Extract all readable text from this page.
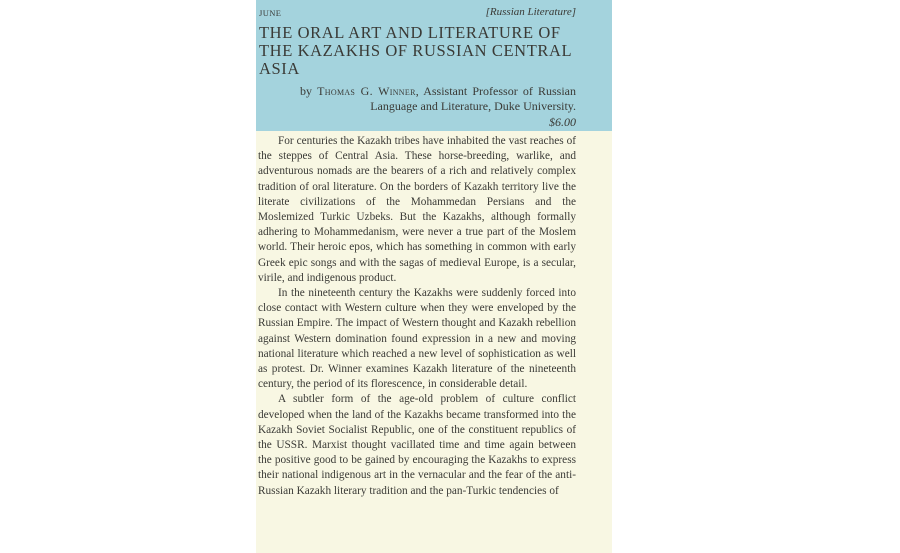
JUNE	[Russian Literature]
THE ORAL ART AND LITERATURE OF THE KAZAKHS OF RUSSIAN CENTRAL ASIA
by Thomas G. Winner, Assistant Professor of Russian Language and Literature, Duke University.
$6.00

For centuries the Kazakh tribes have inhabited the vast reaches of the steppes of Central Asia. These horse-breeding, warlike, and adventurous nomads are the bearers of a rich and relatively complex tradition of oral literature. On the borders of Kazakh territory live the literate civilizations of the Mohammedan Persians and the Moslemized Turkic Uzbeks. But the Kazakhs, although formally adhering to Mohammedanism, were never a true part of the Moslem world. Their heroic epos, which has something in common with early Greek epic songs and with the sagas of medieval Europe, is a secular, virile, and indigenous product.

In the nineteenth century the Kazakhs were suddenly forced into close contact with Western culture when they were enveloped by the Russian Empire. The impact of Western thought and Kazakh rebellion against Western domination found expression in a new and moving national literature which reached a new level of sophistication as well as protest. Dr. Winner examines Kazakh literature of the nineteenth century, the period of its florescence, in considerable detail.

A subtler form of the age-old problem of culture conflict developed when the land of the Kazakhs became transformed into the Kazakh Soviet Socialist Republic, one of the constituent republics of the USSR. Marxist thought vacillated time and time again between the positive good to be gained by encouraging the Kazakhs to express their national indigenous art in the vernacular and the fear of the anti-Russian Kazakh literary tradition and the pan-Turkic tendencies of
